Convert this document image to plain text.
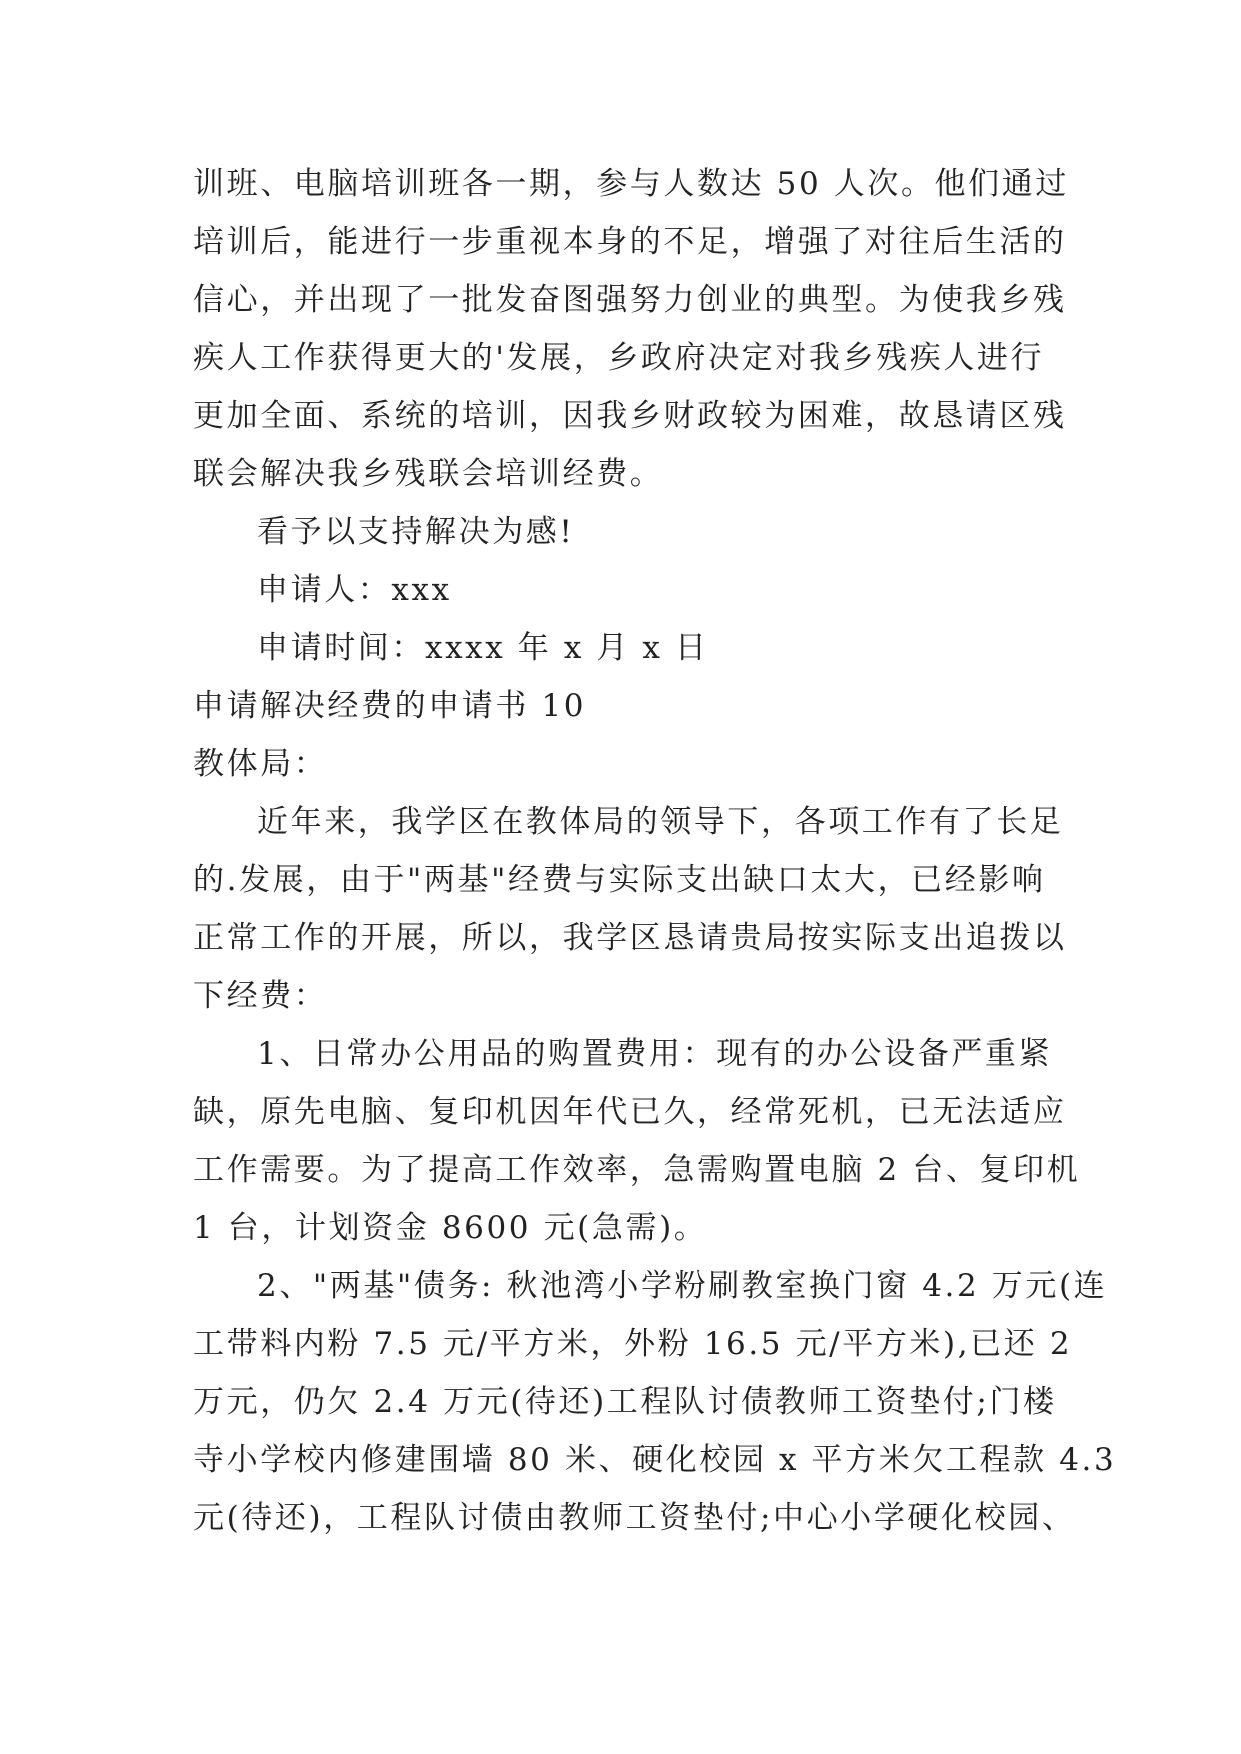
训班、电脑培训班各一期，参与人数达 50 人次。他们通过
培训后，能进行一步重视本身的不足，增强了对往后生活的
信心，并出现了一批发奋图强努力创业的典型。为使我乡残
疾人工作获得更大的'发展，乡政府决定对我乡残疾人进行
更加全面、系统的培训，因我乡财政较为困难，故恳请区残
联会解决我乡残联会培训经费。
看予以支持解决为感!
申请人：xxx
申请时间：xxxx 年 x 月 x 日
申请解决经费的申请书 10
教体局：
近年来，我学区在教体局的领导下，各项工作有了长足
的.发展，由于"两基"经费与实际支出缺口太大，已经影响
正常工作的开展，所以，我学区恳请贵局按实际支出追拨以
下经费：
1、日常办公用品的购置费用：现有的办公设备严重紧
缺，原先电脑、复印机因年代已久，经常死机，已无法适应
工作需要。为了提高工作效率，急需购置电脑 2 台、复印机
1 台，计划资金 8600 元(急需)。
2、"两基"债务: 秋池湾小学粉刷教室换门窗 4.2 万元(连
工带料内粉 7.5 元/平方米，外粉 16.5 元/平方米),已还 2
万元，仍欠 2.4 万元(待还)工程队讨债教师工资垫付;门楼
寺小学校内修建围墙 80 米、硬化校园 x 平方米欠工程款 4.3
元(待还)，工程队讨债由教师工资垫付;中心小学硬化校园、
